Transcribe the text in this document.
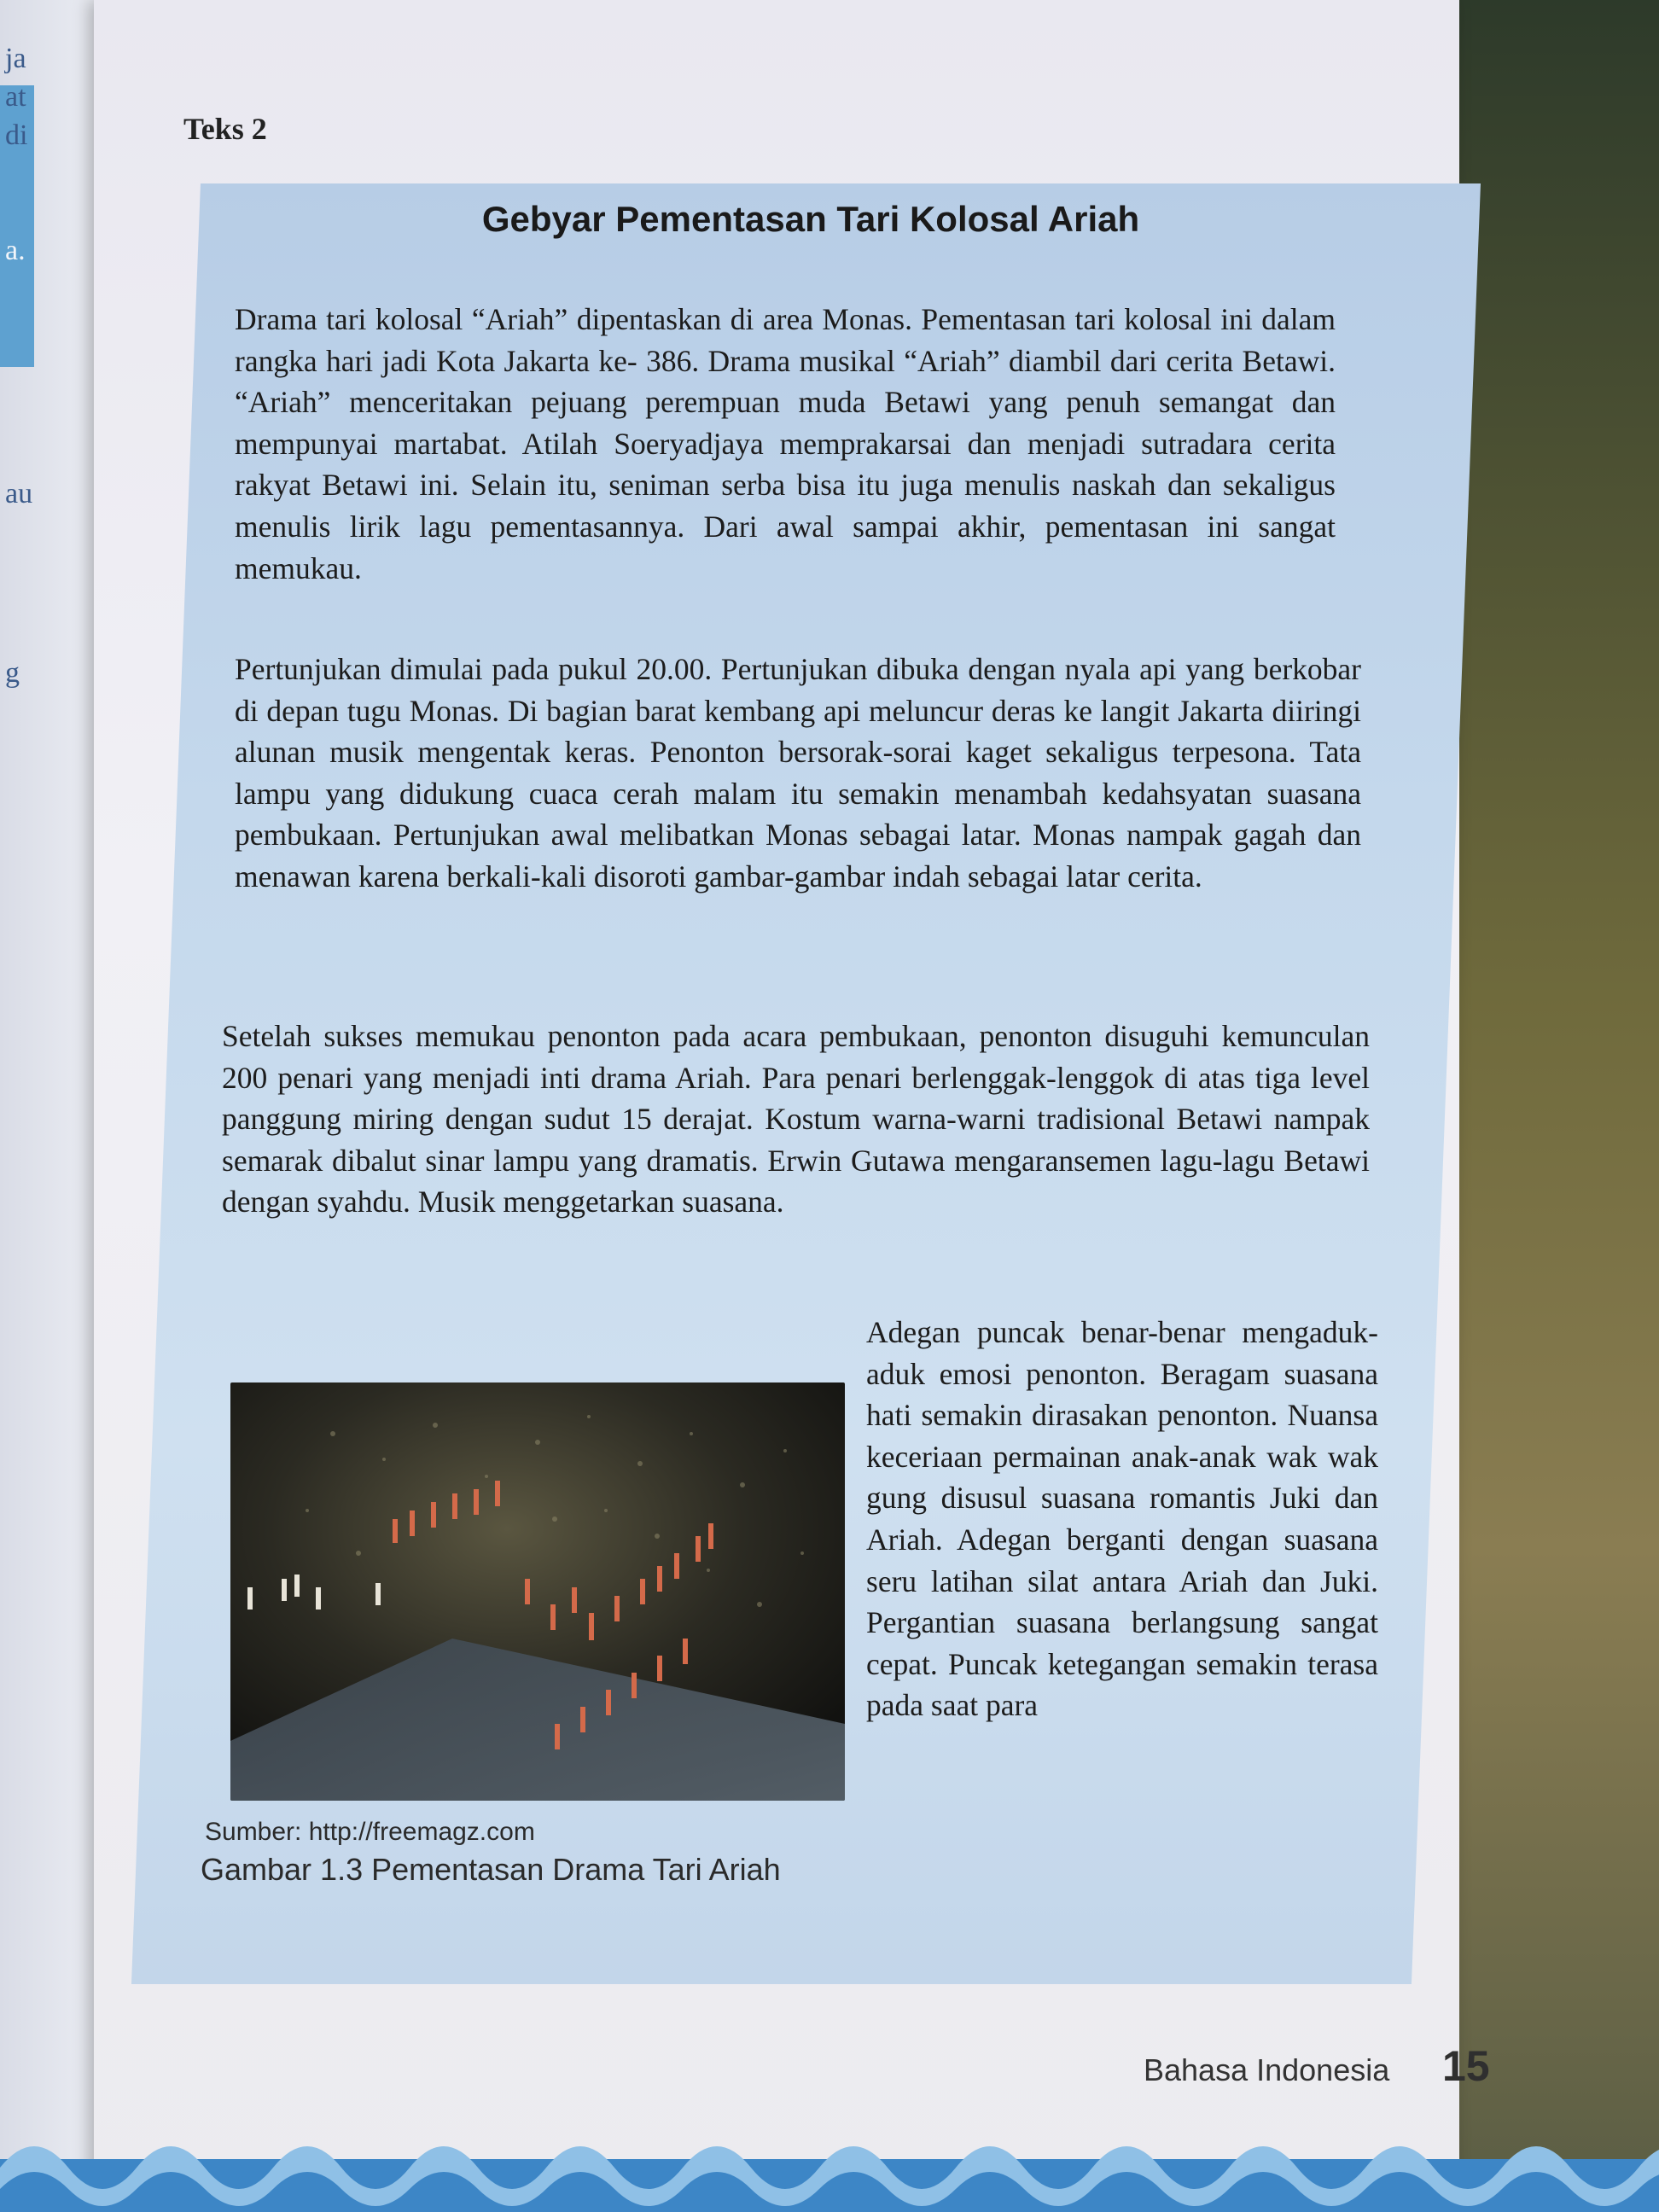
ja

at

di

a.

au

g

Teks 2

Gebyar Pementasan Tari Kolosal Ariah

Drama tari kolosal “Ariah” dipentaskan di area Monas. Pementasan tari kolosal ini dalam rangka hari jadi Kota Jakarta ke- 386. Drama musikal “Ariah” diambil dari cerita Betawi. “Ariah” menceritakan pejuang perempuan muda Betawi yang penuh semangat dan mempunyai martabat. Atilah Soeryadjaya memprakarsai dan menjadi sutradara cerita rakyat Betawi ini. Selain itu, seniman serba bisa itu juga menulis naskah dan sekaligus menulis lirik lagu pementasannya. Dari awal sampai akhir, pementasan ini sangat memukau.

Pertunjukan dimulai pada pukul 20.00. Pertunjukan dibuka dengan nyala api yang berkobar di depan tugu Monas. Di bagian barat kembang api meluncur deras ke langit Jakarta diiringi alunan musik mengentak keras. Penonton bersorak-sorai kaget sekaligus terpesona. Tata lampu yang didukung cuaca cerah malam itu semakin menambah kedahsyatan suasana pembukaan. Pertunjukan awal melibatkan Monas sebagai latar. Monas nampak gagah dan menawan karena berkali-kali disoroti gambar-gambar indah sebagai latar cerita.

Setelah sukses memukau penonton pada acara pembukaan, penonton disuguhi kemunculan 200 penari yang menjadi inti drama Ariah. Para penari berlenggak-lenggok di atas tiga level panggung miring dengan sudut 15 derajat. Kostum warna-warni tradisional Betawi nampak semarak dibalut sinar lampu yang dramatis. Erwin Gutawa mengaransemen lagu-lagu Betawi dengan syahdu. Musik menggetarkan suasana.

Adegan puncak benar-benar mengaduk-aduk emosi penonton. Beragam suasana hati semakin dirasakan penonton. Nuansa keceriaan permainan anak-anak wak wak gung disusul suasana romantis Juki dan Ariah. Adegan berganti dengan suasana seru latihan silat antara Ariah dan Juki. Pergantian suasana berlangsung sangat cepat. Puncak ketegangan semakin terasa pada saat para

Sumber: http://freemagz.com

Gambar 1.3 Pementasan Drama Tari Ariah

Bahasa Indonesia 15
